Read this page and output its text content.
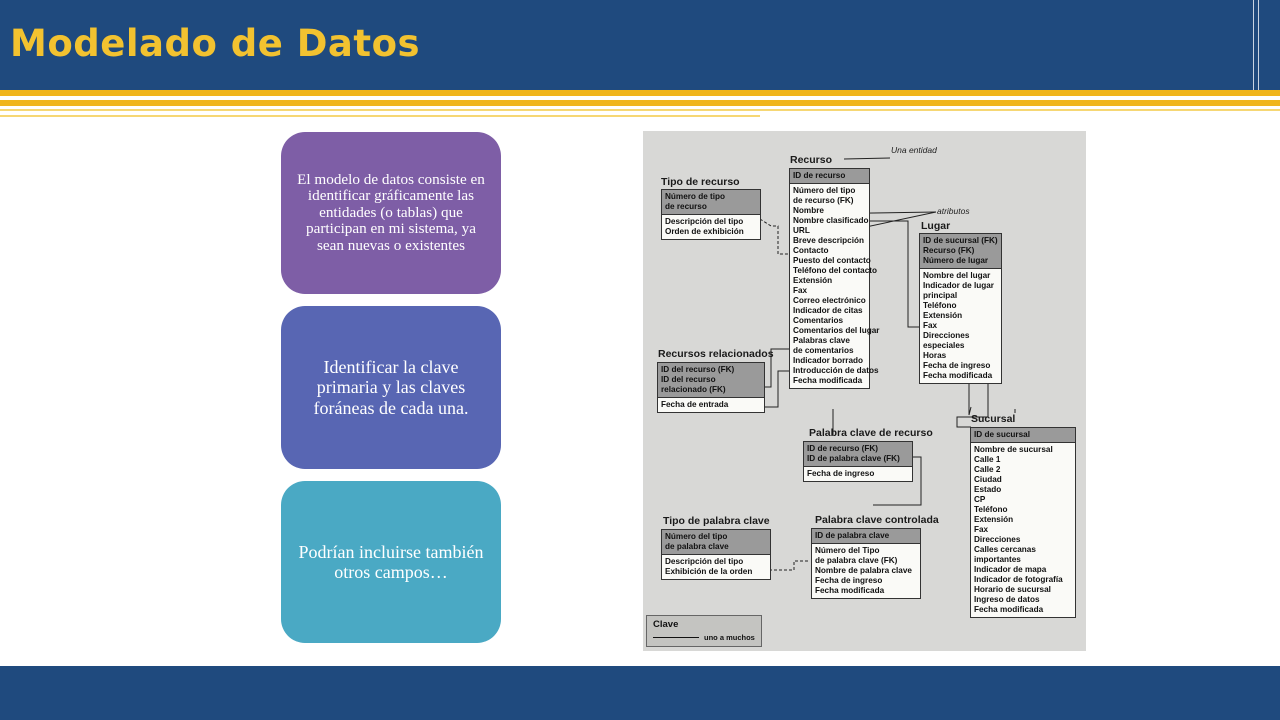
Modelado de Datos
El modelo de datos consiste en identificar gráficamente las entidades (o tablas) que participan en mi sistema, ya sean nuevas o existentes
Identificar la clave primaria y las claves foráneas de cada una.
Podrían incluirse también otros campos…
Una entidad
atributos
Tipo de recurso
Número de tipo
de recurso
Descripción del tipo
Orden de exhibición
Recurso
ID de recurso
Número del tipo
de recurso (FK)
Nombre
Nombre clasificado
URL
Breve descripción
Contacto
Puesto del contacto
Teléfono del contacto
Extensión
Fax
Correo electrónico
Indicador de citas
Comentarios
Comentarios del lugar
Palabras clave
de comentarios
Indicador borrado
Introducción de datos
Fecha modificada
Lugar
ID de sucursal (FK)
Recurso (FK)
Número de lugar
Nombre del lugar
Indicador de lugar
principal
Teléfono
Extensión
Fax
Direcciones
especiales
Horas
Fecha de ingreso
Fecha modificada
Recursos relacionados
ID del recurso (FK)
ID del recurso
relacionado (FK)
Fecha de entrada
Palabra clave de recurso
ID de recurso (FK)
ID de palabra clave (FK)
Fecha de ingreso
Sucursal
ID de sucursal
Nombre de sucursal
Calle 1
Calle 2
Ciudad
Estado
CP
Teléfono
Extensión
Fax
Direcciones
Calles cercanas
importantes
Indicador de mapa
Indicador de fotografía
Horario de sucursal
Ingreso de datos
Fecha modificada
Tipo de palabra clave
Número del tipo
de palabra clave
Descripción del tipo
Exhibición de la orden
Palabra clave controlada
ID de palabra clave
Número del Tipo
de palabra clave (FK)
Nombre de palabra clave
Fecha de ingreso
Fecha modificada
Clave
uno a muchos
